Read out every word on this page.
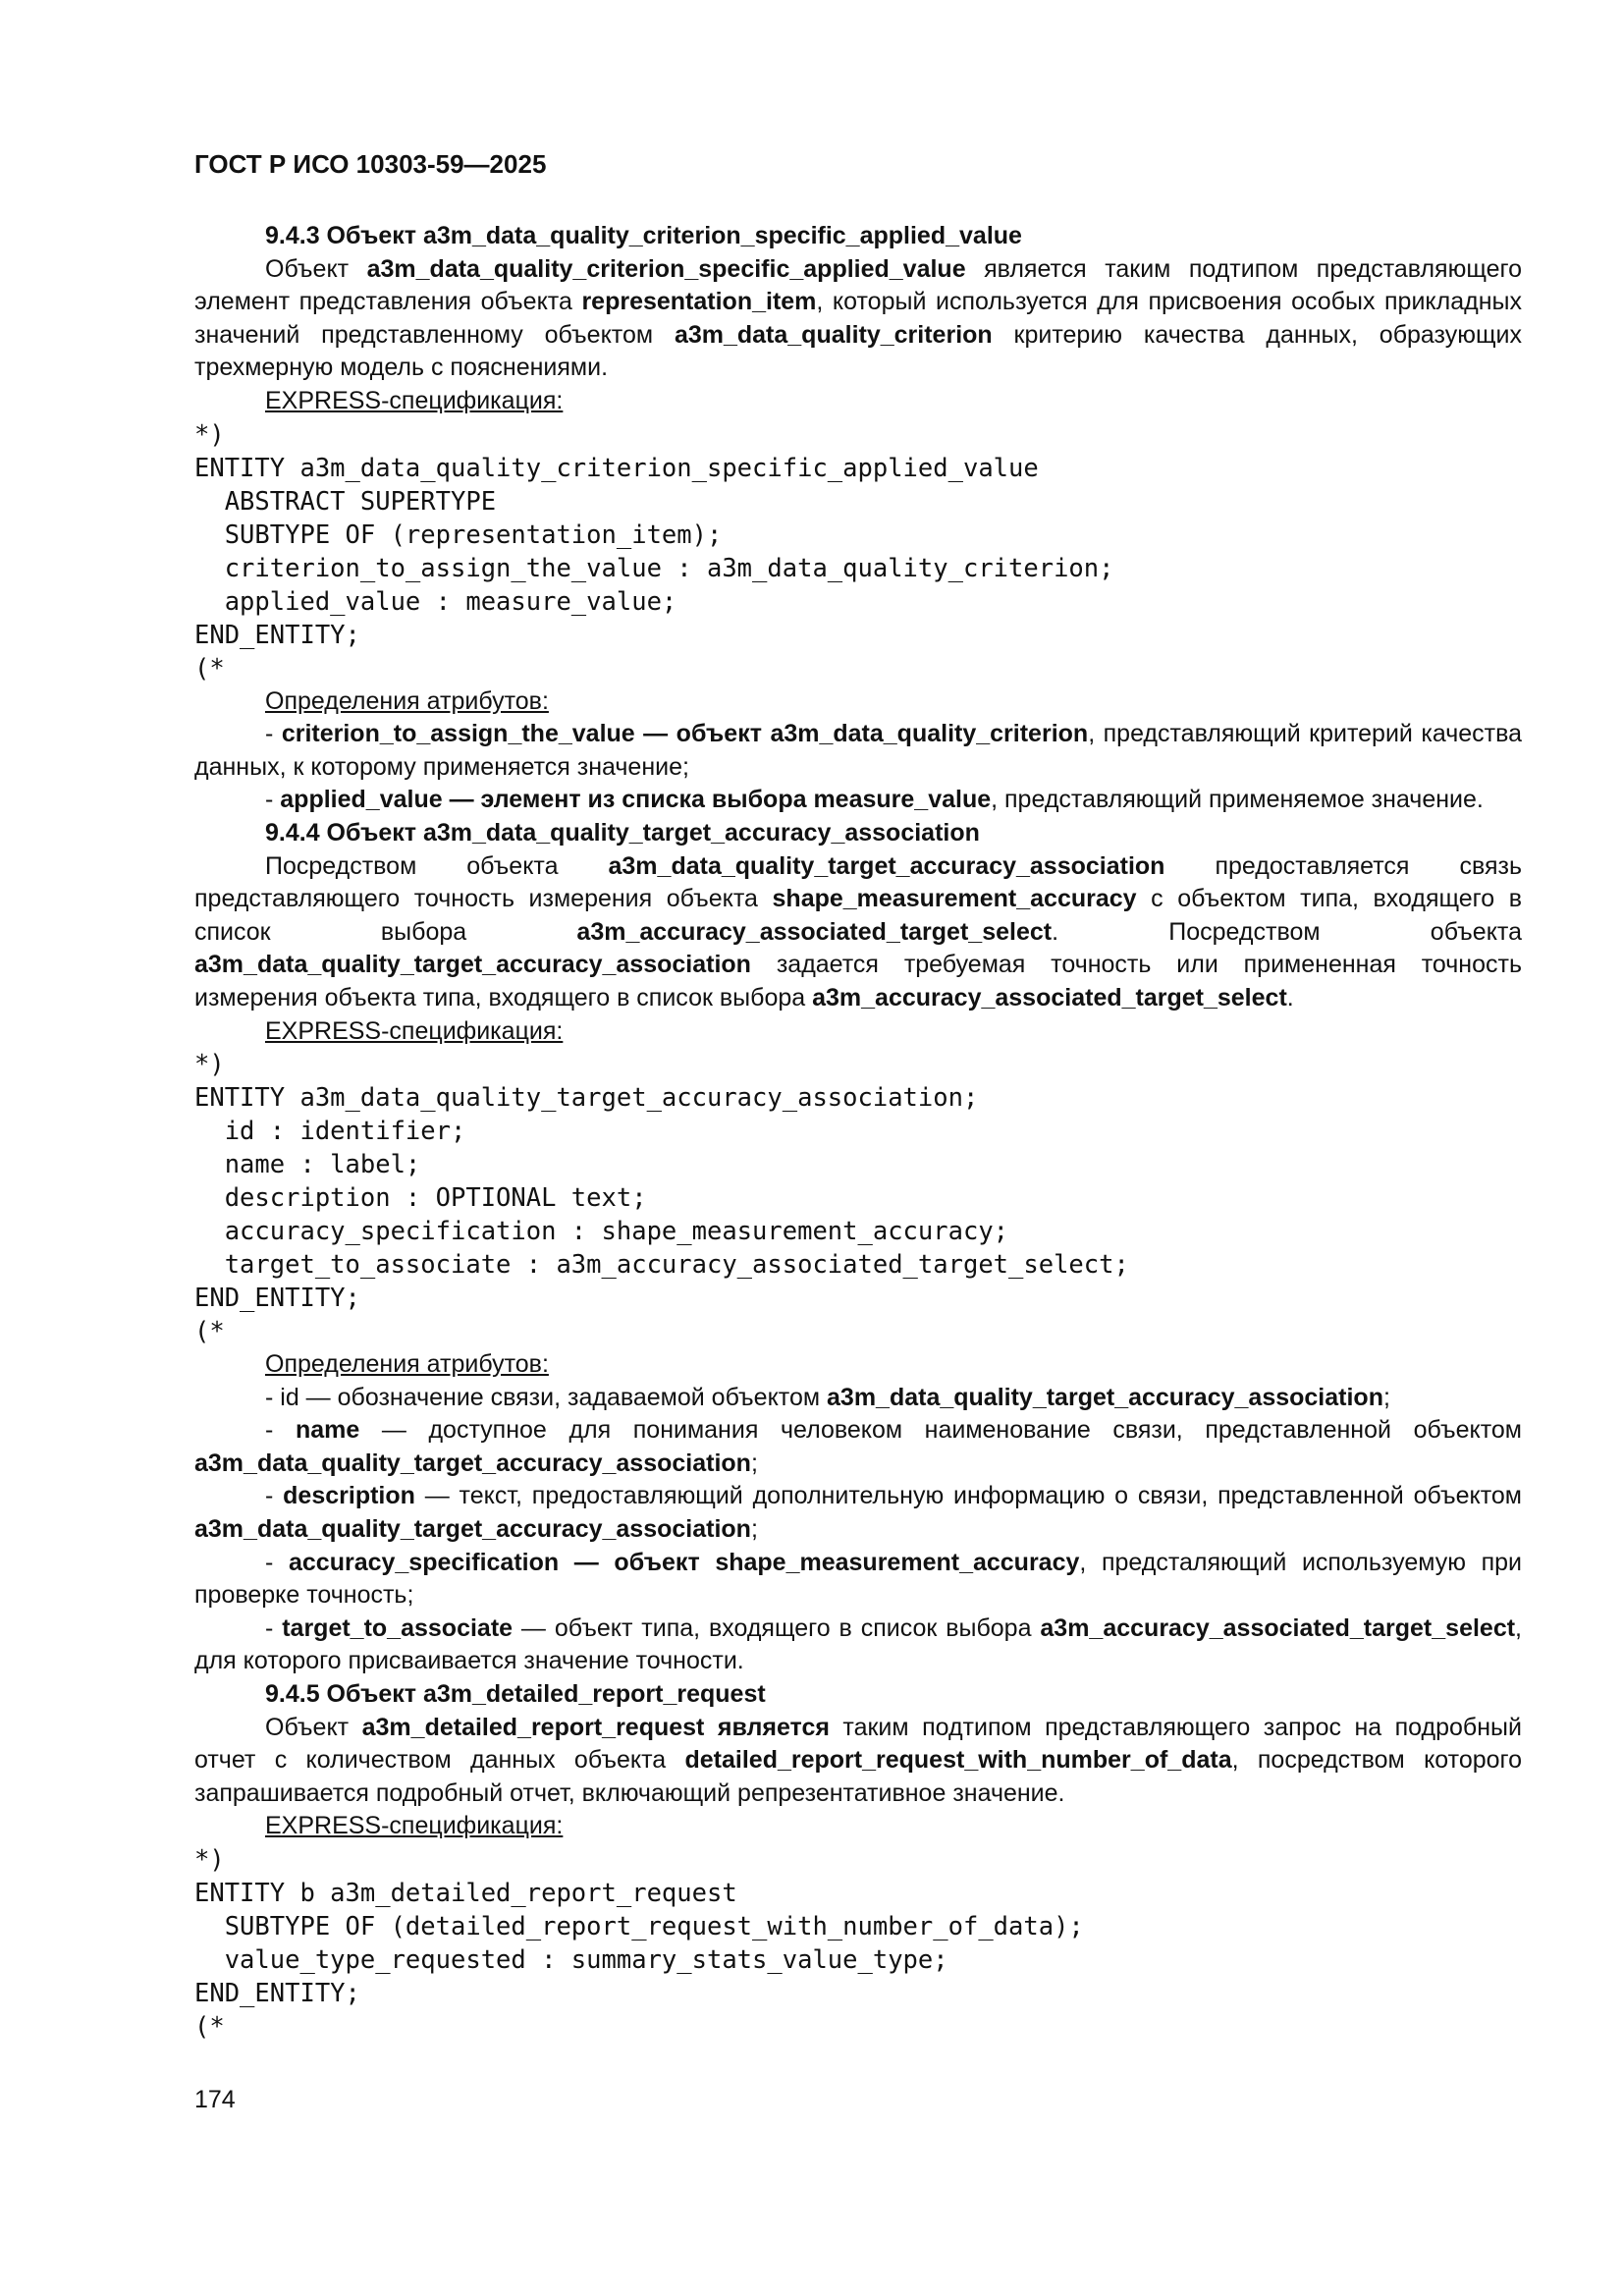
ГОСТ Р ИСО 10303-59—2025

9.4.3 Объект a3m_data_quality_criterion_specific_applied_value

Объект a3m_data_quality_criterion_specific_applied_value является таким подтипом представляющего элемент представления объекта representation_item, который используется для присвоения особых прикладных значений представленному объектом a3m_data_quality_criterion критерию качества данных, образующих трехмерную модель с пояснениями.

EXPRESS-спецификация:

*)
ENTITY a3m_data_quality_criterion_specific_applied_value
ABSTRACT SUPERTYPE
SUBTYPE OF (representation_item);
criterion_to_assign_the_value : a3m_data_quality_criterion;
applied_value : measure_value;
END_ENTITY;
(*

Определения атрибутов:

- criterion_to_assign_the_value — объект a3m_data_quality_criterion, представляющий критерий качества данных, к которому применяется значение;

- applied_value — элемент из списка выбора measure_value, представляющий применяемое значение.

9.4.4 Объект a3m_data_quality_target_accuracy_association

Посредством объекта a3m_data_quality_target_accuracy_association предоставляется связь представляющего точность измерения объекта shape_measurement_accuracy с объектом типа, входящего в список выбора a3m_accuracy_associated_target_select. Посредством объекта a3m_data_quality_target_accuracy_association задается требуемая точность или примененная точность измерения объекта типа, входящего в список выбора a3m_accuracy_associated_target_select.

EXPRESS-спецификация:

*)
ENTITY a3m_data_quality_target_accuracy_association;
id : identifier;
name : label;
description : OPTIONAL text;
accuracy_specification : shape_measurement_accuracy;
target_to_associate : a3m_accuracy_associated_target_select;
END_ENTITY;
(*

Определения атрибутов:

- id — обозначение связи, задаваемой объектом a3m_data_quality_target_accuracy_association;

- name — доступное для понимания человеком наименование связи, представленной объектом a3m_data_quality_target_accuracy_association;

- description — текст, предоставляющий дополнительную информацию о связи, представленной объектом a3m_data_quality_target_accuracy_association;

- accuracy_specification — объект shape_measurement_accuracy, предсталяющий используемую при проверке точность;

- target_to_associate — объект типа, входящего в список выбора a3m_accuracy_associated_target_select, для которого присваивается значение точности.

9.4.5 Объект a3m_detailed_report_request

Объект a3m_detailed_report_request является таким подтипом представляющего запрос на подробный отчет с количеством данных объекта detailed_report_request_with_number_of_data, посредством которого запрашивается подробный отчет, включающий репрезентативное значение.

EXPRESS-спецификация:

*)
ENTITY b a3m_detailed_report_request
SUBTYPE OF (detailed_report_request_with_number_of_data);
value_type_requested : summary_stats_value_type;
END_ENTITY;
(*
174
